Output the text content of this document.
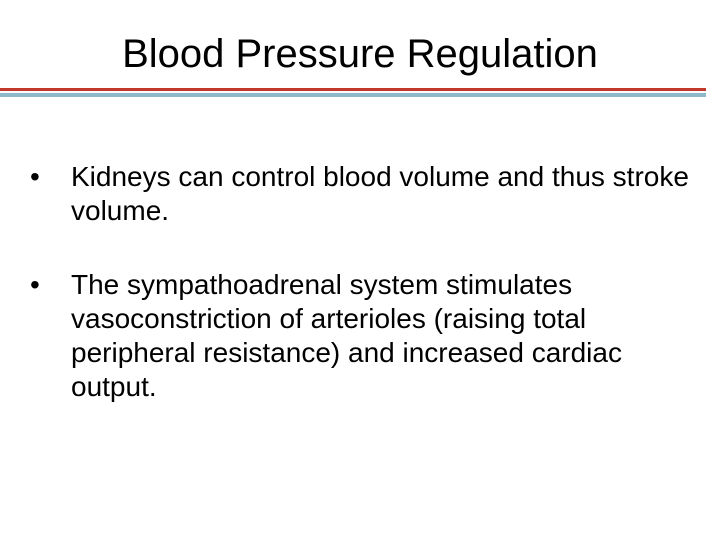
Blood Pressure Regulation
•	Kidneys can control blood volume and thus stroke volume.
•	The sympathoadrenal system stimulates vasoconstriction of arterioles (raising total peripheral resistance) and increased cardiac output.
